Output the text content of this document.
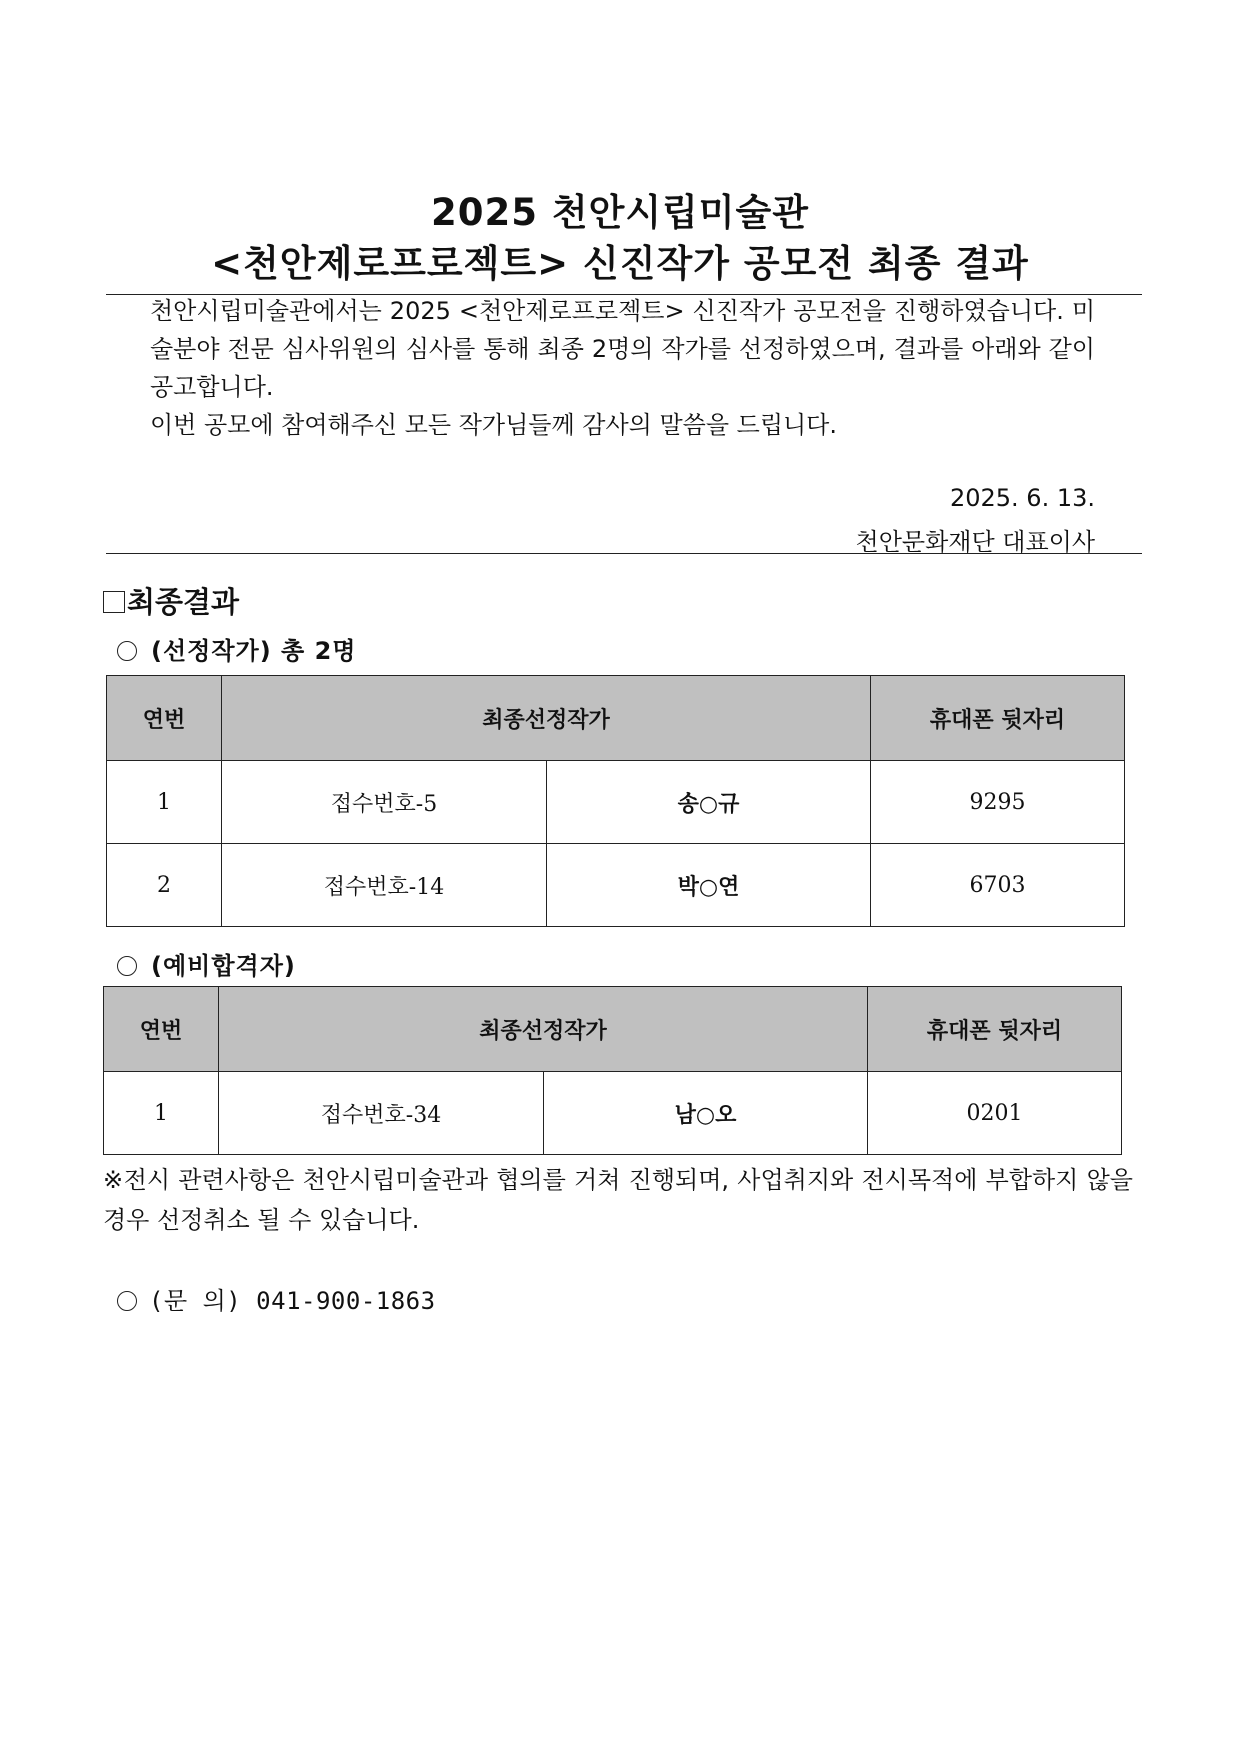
2025 천안시립미술관
<천안제로프로젝트> 신진작가 공모전 최종 결과

천안시립미술관에서는 2025 <천안제로프로젝트> 신진작가 공모전을 진행하였습니다. 미술분야 전문 심사위원의 심사를 통해 최종 2명의 작가를 선정하였으며, 결과를 아래와 같이 공고합니다.

이번 공모에 참여해주신 모든 작가님들께 감사의 말씀을 드립니다.

2025. 6. 13.
천안문화재단 대표이사
최종결과
(선정작가) 총 2명
연번	최종선정작가		휴대폰 뒷자리
1	접수번호-5	송○규	9295
2	접수번호-14	박○연	6703
(예비합격자)
연번	최종선정작가		휴대폰 뒷자리
1	접수번호-34	남○오	0201

※전시 관련사항은 천안시립미술관과 협의를 거쳐 진행되며, 사업취지와 전시목적에 부합하지 않을 경우 선정취소 될 수 있습니다.

(문 의) 041-900-1863
